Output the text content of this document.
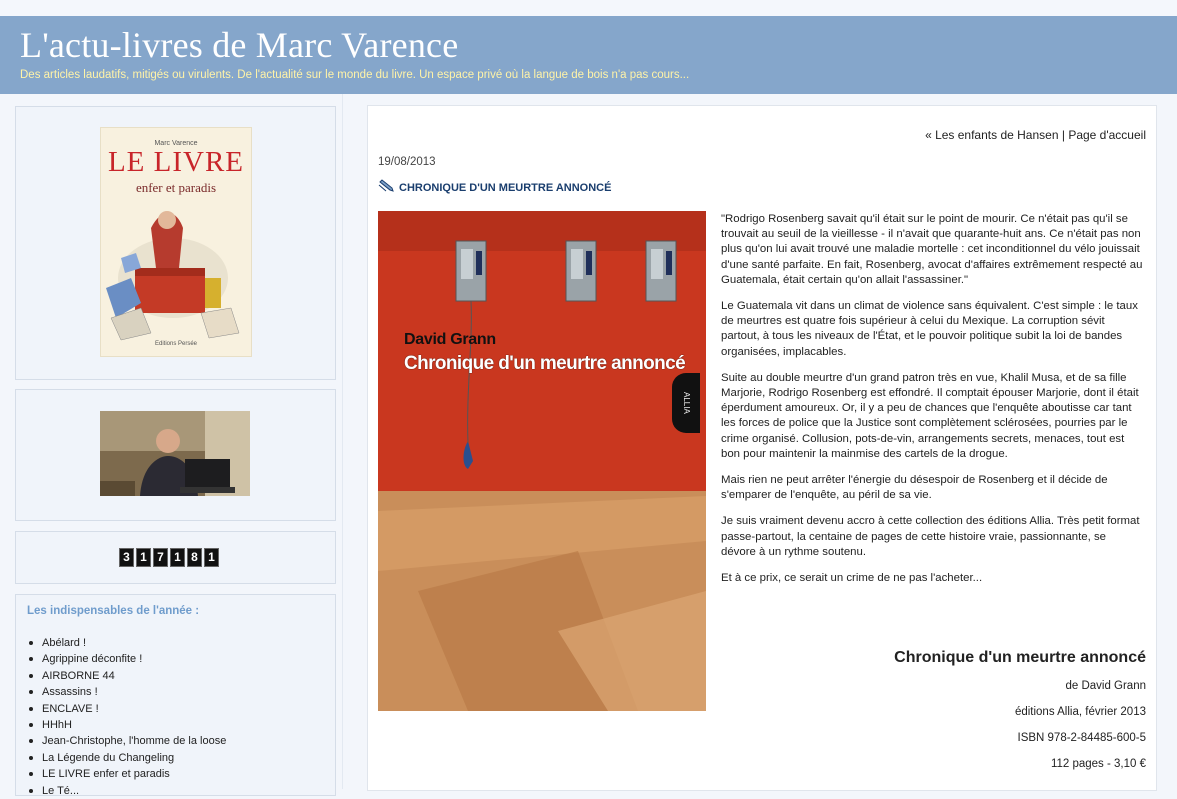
L'actu-livres de Marc Varence
Des articles laudatifs, mitigés ou virulents. De l'actualité sur le monde du livre. Un espace privé où la langue de bois n'a pas cours...
Marc Varence
LE LIVRE
enfer et paradis
Editions Persée
3 1 7 1 8 1
Les indispensables de l'année :
Abélard !
Agrippine déconfite !
AIRBORNE 44
Assassins !
ENCLAVE !
HHhH
Jean-Christophe, l'homme de la loose
La Légende du Changeling
LE LIVRE enfer et paradis
Le Té...
« Les enfants de Hansen | Page d'accueil
19/08/2013
CHRONIQUE D'UN MEURTRE ANNONCÉ
David Grann
Chronique d'un meurtre annoncé
ALLIA

"Rodrigo Rosenberg savait qu'il était sur le point de mourir. Ce n'était pas qu'il se trouvait au seuil de la vieillesse - il n'avait que quarante-huit ans. Ce n'était pas non plus qu'on lui avait trouvé une maladie mortelle : cet inconditionnel du vélo jouissait d'une santé parfaite. En fait, Rosenberg, avocat d'affaires extrêmement respecté au Guatemala, était certain qu'on allait l'assassiner."

Le Guatemala vit dans un climat de violence sans équivalent. C'est simple : le taux de meurtres est quatre fois supérieur à celui du Mexique. La corruption sévit partout, à tous les niveaux de l'État, et le pouvoir politique subit la loi de bandes organisées, implacables.

Suite au double meurtre d'un grand patron très en vue, Khalil Musa, et de sa fille Marjorie, Rodrigo Rosenberg est effondré. Il comptait épouser Marjorie, dont il était éperdument amoureux. Or, il y a peu de chances que l'enquête aboutisse car tant les forces de police que la Justice sont complètement sclérosées, pourries par le crime organisé. Collusion, pots-de-vin, arrangements secrets, menaces, tout est bon pour maintenir la mainmise des cartels de la drogue.

Mais rien ne peut arrêter l'énergie du désespoir de Rosenberg et il décide de s'emparer de l'enquête, au péril de sa vie.

Je suis vraiment devenu accro à cette collection des éditions Allia. Très petit format passe-partout, la centaine de pages de cette histoire vraie, passionnante, se dévore à un rythme soutenu.

Et à ce prix, ce serait un crime de ne pas l'acheter...

Chronique d'un meurtre annoncé
de David Grann
éditions Allia, février 2013
ISBN 978-2-84485-600-5
112 pages - 3,10 €
